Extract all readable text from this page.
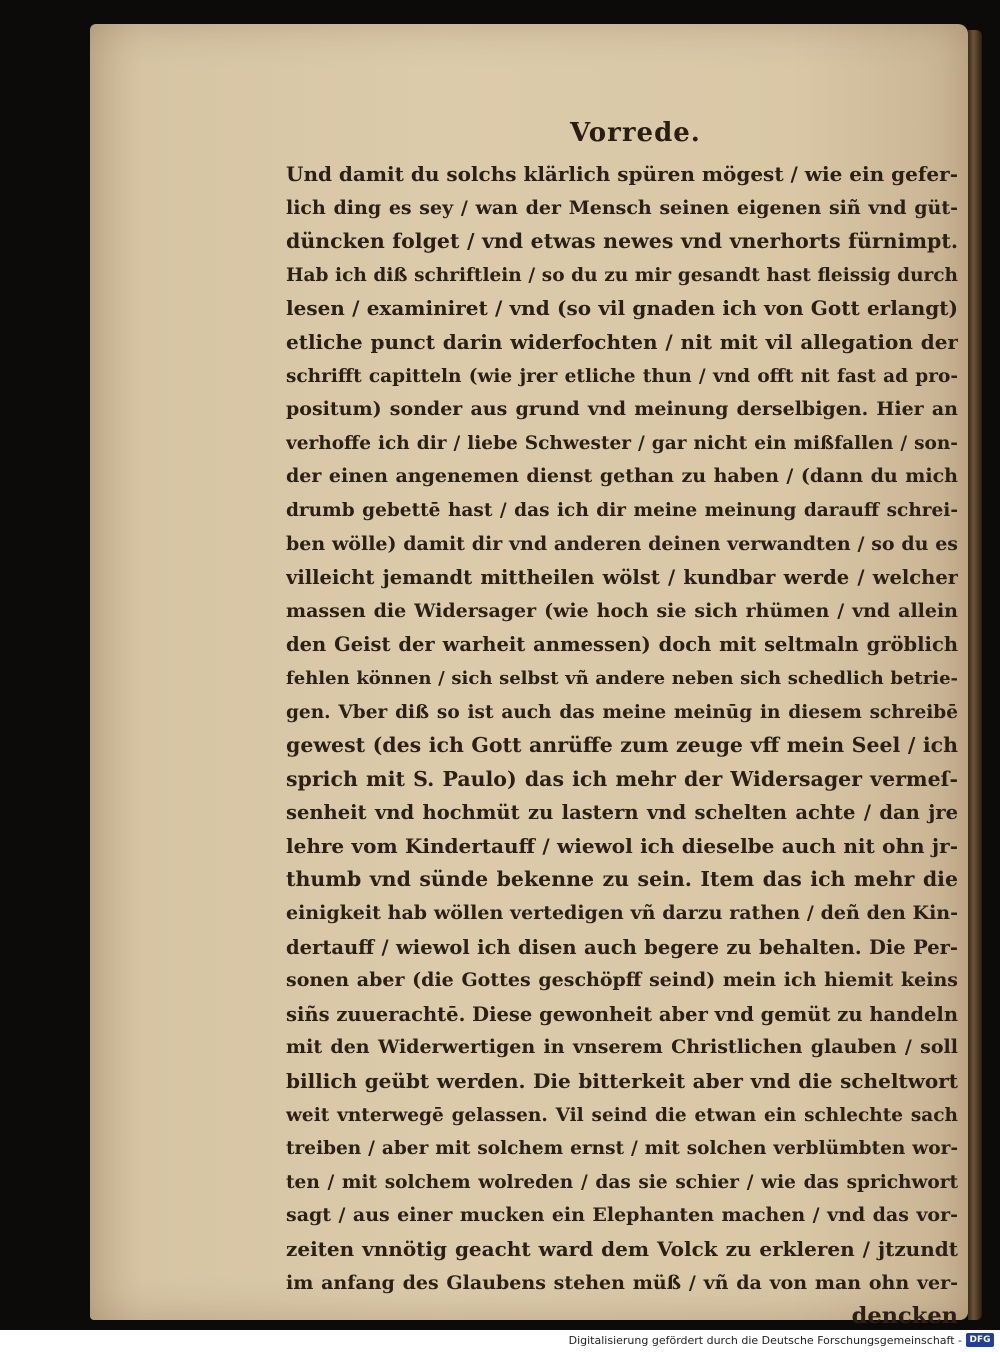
Vorrede.
Und damit du solchs klärlich spüren mögest / wie ein gefer-
lich ding es sey / wan der Mensch seinen eigenen siñ vnd güt-
düncken folget / vnd etwas newes vnd vnerhorts fürnimpt.
Hab ich diß schriftlein / so du zu mir gesandt hast fleissig durch
lesen / examiniret / vnd (so vil gnaden ich von Gott erlangt)
etliche punct darin widerfochten / nit mit vil allegation der
schrifft capitteln (wie jrer etliche thun / vnd offt nit fast ad pro-
positum) sonder aus grund vnd meinung derselbigen. Hier an
verhoffe ich dir / liebe Schwester / gar nicht ein mißfallen / son-
der einen angenemen dienst gethan zu haben / (dann du mich
drumb gebettē hast / das ich dir meine meinung darauff schrei-
ben wölle) damit dir vnd anderen deinen verwandten / so du es
villeicht jemandt mittheilen wölst / kundbar werde / welcher
massen die Widersager (wie hoch sie sich rhümen / vnd allein
den Geist der warheit anmessen) doch mit seltmaln gröblich
fehlen können / sich selbst vñ andere neben sich schedlich betrie-
gen. Vber diß so ist auch das meine meinūg in diesem schreibē
gewest (des ich Gott anrüffe zum zeuge vff mein Seel / ich
sprich mit S. Paulo) das ich mehr der Widersager vermeſ-
senheit vnd hochmüt zu lastern vnd schelten achte / dan jre
lehre vom Kindertauff / wiewol ich dieselbe auch nit ohn jr-
thumb vnd sünde bekenne zu sein. Item das ich mehr die
einigkeit hab wöllen vertedigen vñ darzu rathen / deñ den Kin-
dertauff / wiewol ich disen auch begere zu behalten. Die Per-
sonen aber (die Gottes geschöpff seind) mein ich hiemit keins
siñs zuuerachtē. Diese gewonheit aber vnd gemüt zu handeln
mit den Widerwertigen in vnserem Christlichen glauben / soll
billich geübt werden. Die bitterkeit aber vnd die scheltwort
weit vnterwegē gelassen. Vil seind die etwan ein schlechte sach
treiben / aber mit solchem ernst / mit solchen verblümbten wor-
ten / mit solchem wolreden / das sie schier / wie das sprichwort
sagt / aus einer mucken ein Elephanten machen / vnd das vor-
zeiten vnnötig geacht ward dem Volck zu erkleren / jtzundt
im anfang des Glaubens stehen müß / vñ da von man ohn ver-
dencken
Digitalisierung gefördert durch die Deutsche Forschungsgemeinschaft - DFG
